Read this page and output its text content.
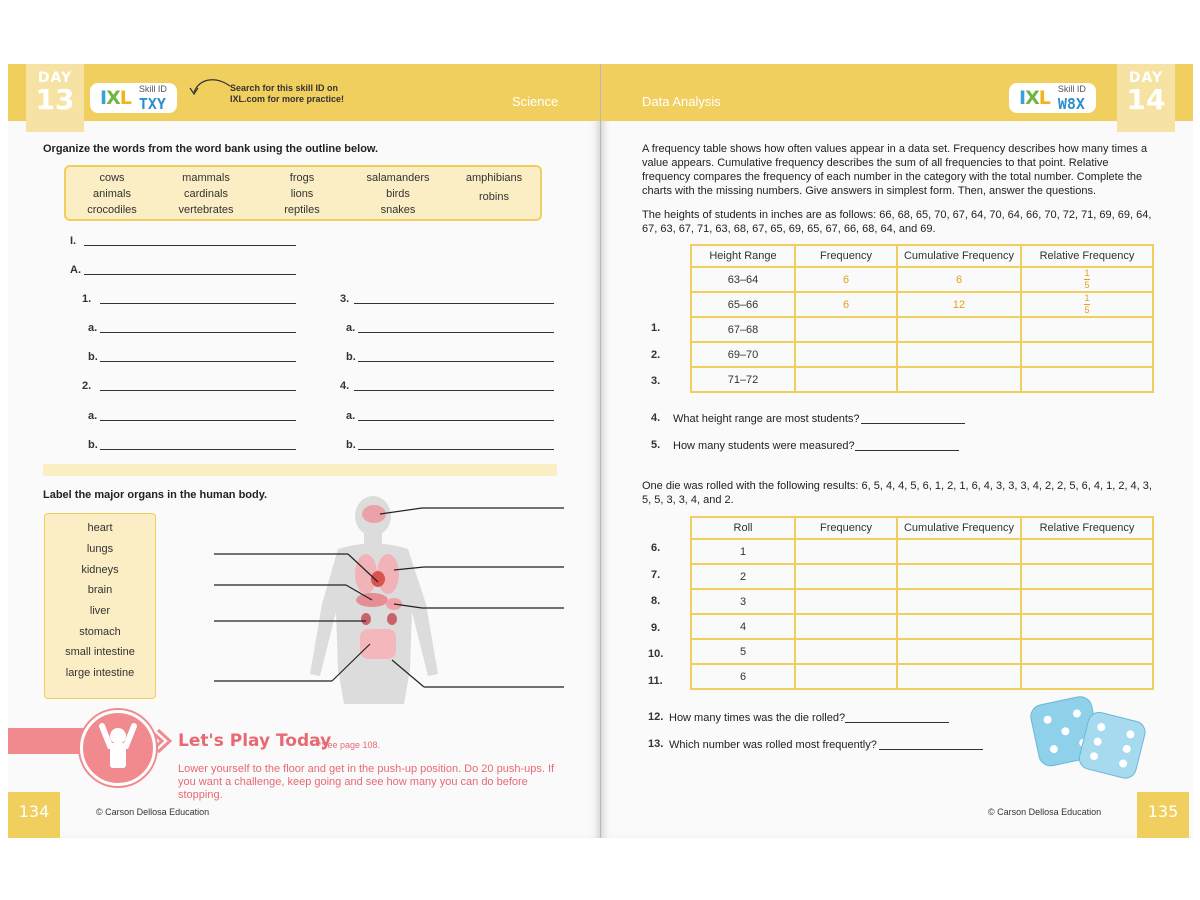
DAY
13	IXL Skill ID
TXY
Search for this skill ID on IXL.com for more practice!	Science
Organize the words from the word bank using the outline below.
cows	mammals	frogs	salamanders	amphibians
animals	cardinals	lions	birds	robins
crocodiles	vertebrates	reptiles	snakes
I.
A.
1.
a.
b.
2.
a.
b.
3.
a.
b.
4.
a.
b.
Label the major organs in the human body.
heart
lungs
kidneys
brain
liver
stomach
small intestine
large intestine
Let's Play Today
*See page 108.
Lower yourself to the floor and get in the push-up position. Do 20 push-ups. If you want a challenge, keep going and see how many you can do before stopping.
134	© Carson Dellosa Education
Data Analysis	IXL Skill ID
W8X
DAY
14
A frequency table shows how often values appear in a data set. Frequency describes how many times a value appears. Cumulative frequency describes the sum of all frequencies to that point. Relative frequency compares the frequency of each number in the category with the total number. Complete the charts with the missing numbers. Give answers in simplest form. Then, answer the questions.
The heights of students in inches are as follows: 66, 68, 65, 70, 67, 64, 70, 64, 66, 70, 72, 71, 69, 69, 64, 67, 63, 67, 71, 63, 68, 67, 65, 69, 65, 67, 66, 68, 64, and 69.
Height Range	Frequency	Cumulative Frequency	Relative Frequency
63–64	6	6	$\frac{1}{5}$

65–66	6	12	$\frac{1}{5}$

67–68			
69–70			
71–72			
1.
2.
3.
4. What height range are most students?
5. How many students were measured?
One die was rolled with the following results: 6, 5, 4, 4, 5, 6, 1, 2, 1, 6, 4, 3, 3, 3, 4, 2, 2, 5, 6, 4, 1, 2, 4, 3, 5, 5, 3, 3, 4, and 2.
Roll	Frequency	Cumulative Frequency	Relative Frequency
1			
2			
3			
4			
5			
6			
6.
7.
8.
9.
10.
11.
12. How many times was the die rolled?
13. Which number was rolled most frequently?
135
© Carson Dellosa Education
